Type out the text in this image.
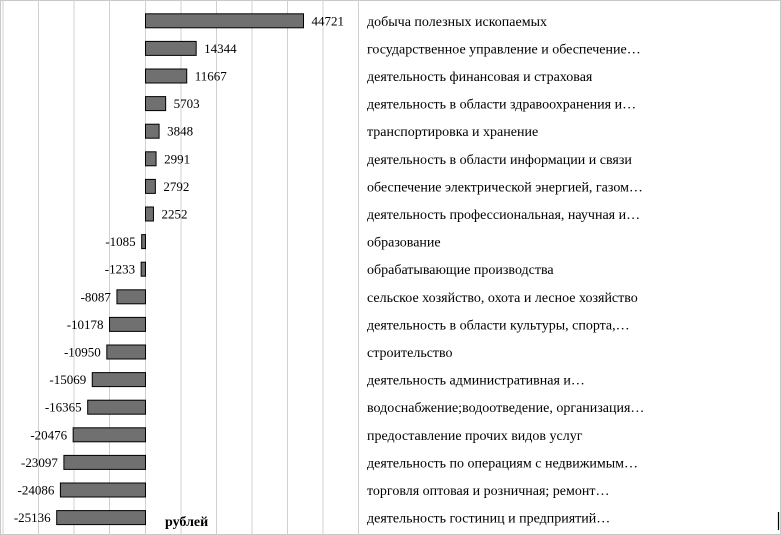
44721
14344
11667
5703
3848
2991
2792
2252
-1085
-1233
-8087
-10178
-10950
-15069
-16365
-20476
-23097
-24086
-25136
добыча полезных ископаемых
государственное управление и обеспечение…
деятельность финансовая и страховая
деятельность в области здравоохранения и…
транспортировка и хранение
деятельность в области информации и связи
обеспечение электрической энергией, газом…
деятельность профессиональная, научная и…
образование
обрабатывающие производства
сельское хозяйство, охота и лесное хозяйство
деятельность в области культуры, спорта,…
строительство
деятельность административная и…
водоснабжение;водоотведение, организация…
предоставление прочих видов услуг
деятельность по операциям с недвижимым…
торговля оптовая и розничная; ремонт…
деятельность гостиниц и предприятий…
рублей
